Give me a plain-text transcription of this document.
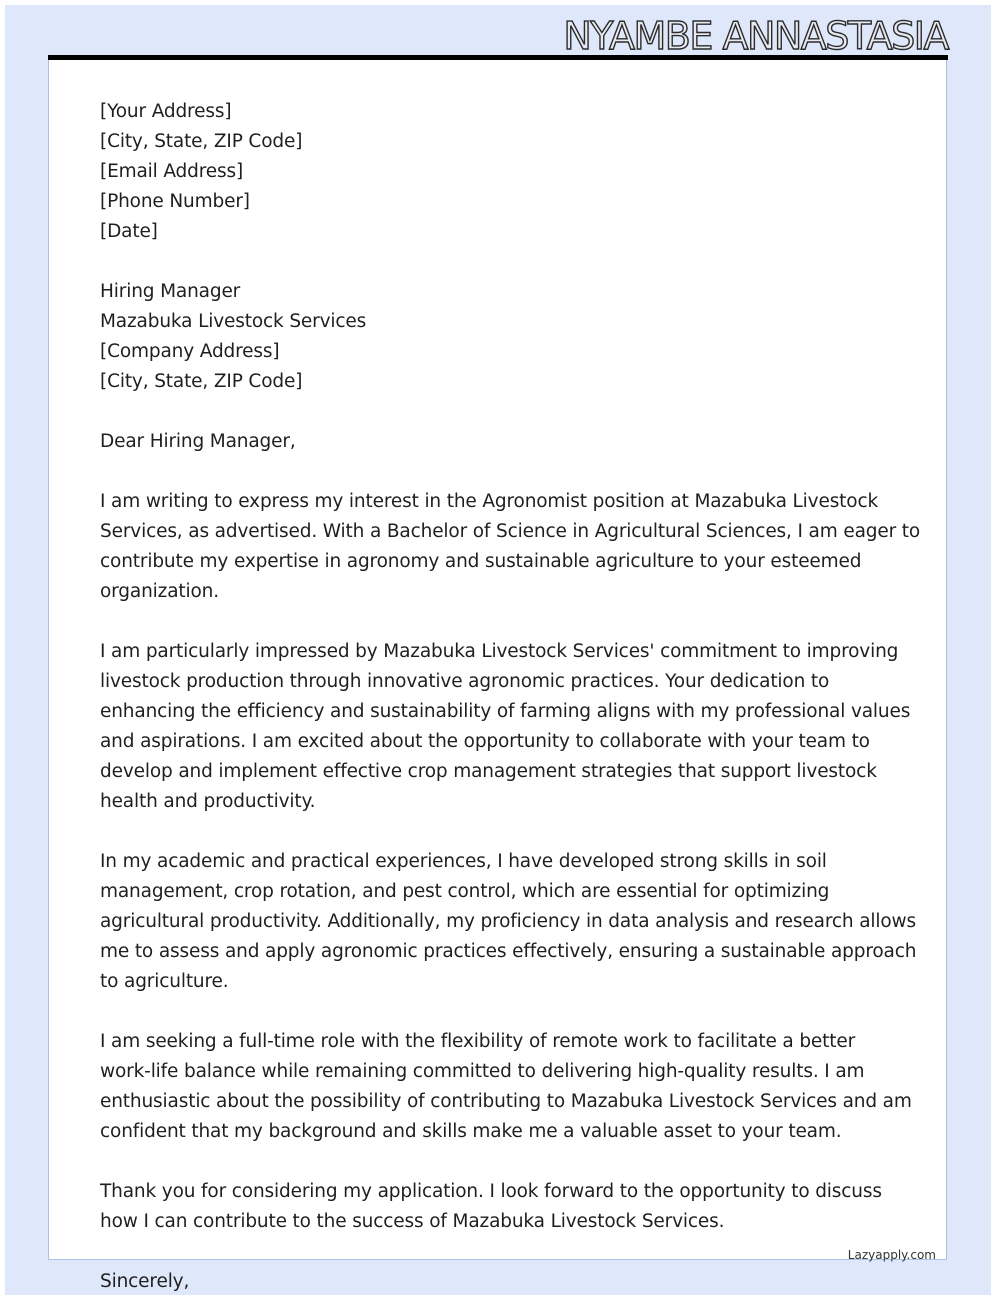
NYAMBE ANNASTASIA
[Your Address]
[City, State, ZIP Code]
[Email Address]
[Phone Number]
[Date]
Hiring Manager
Mazabuka Livestock Services
[Company Address]
[City, State, ZIP Code]
Dear Hiring Manager,
I am writing to express my interest in the Agronomist position at Mazabuka Livestock
Services, as advertised. With a Bachelor of Science in Agricultural Sciences, I am eager to
contribute my expertise in agronomy and sustainable agriculture to your esteemed
organization.
I am particularly impressed by Mazabuka Livestock Services' commitment to improving
livestock production through innovative agronomic practices. Your dedication to
enhancing the efficiency and sustainability of farming aligns with my professional values
and aspirations. I am excited about the opportunity to collaborate with your team to
develop and implement effective crop management strategies that support livestock
health and productivity.
In my academic and practical experiences, I have developed strong skills in soil
management, crop rotation, and pest control, which are essential for optimizing
agricultural productivity. Additionally, my proficiency in data analysis and research allows
me to assess and apply agronomic practices effectively, ensuring a sustainable approach
to agriculture.
I am seeking a full-time role with the flexibility of remote work to facilitate a better
work-life balance while remaining committed to delivering high-quality results. I am
enthusiastic about the possibility of contributing to Mazabuka Livestock Services and am
confident that my background and skills make me a valuable asset to your team.
Thank you for considering my application. I look forward to the opportunity to discuss
how I can contribute to the success of Mazabuka Livestock Services.
Sincerely,
Lazyapply.com
